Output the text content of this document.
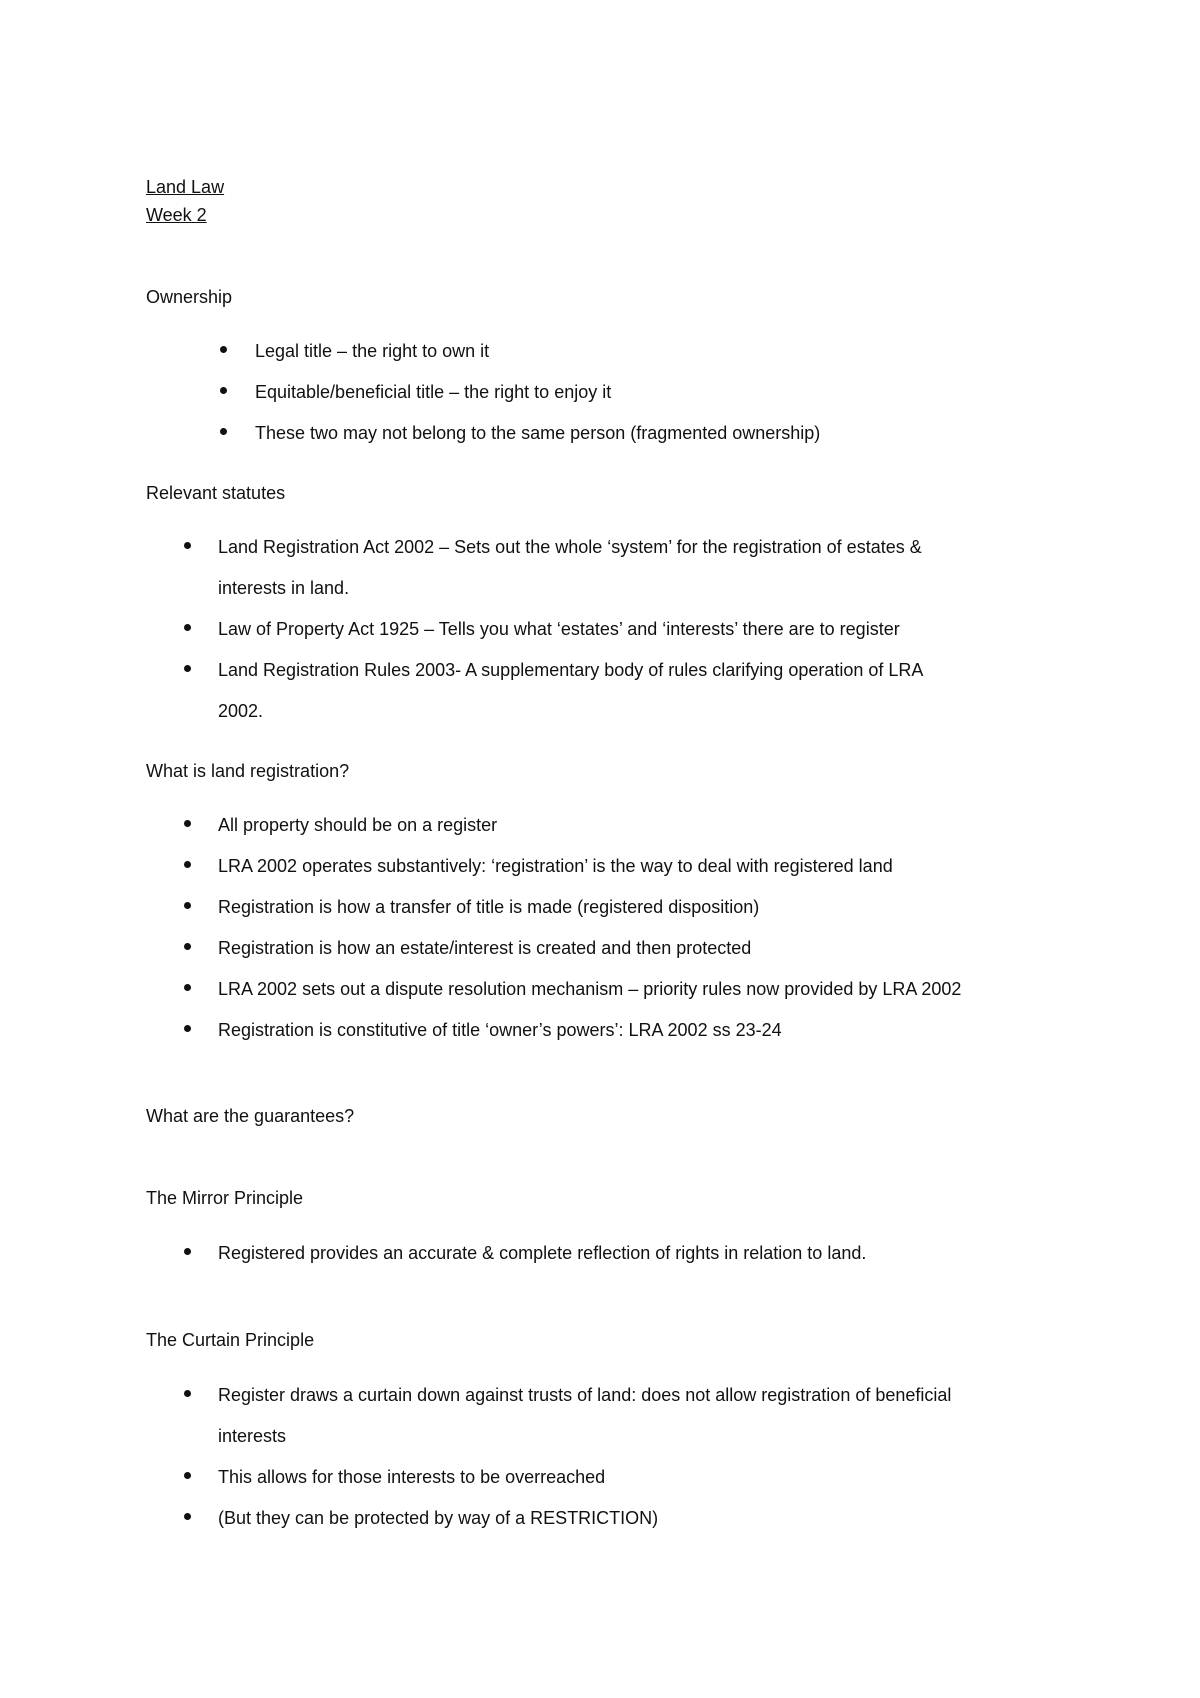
Land Law
Week 2
Ownership
Legal title – the right to own it
Equitable/beneficial title – the right to enjoy it
These two may not belong to the same person (fragmented ownership)
Relevant statutes
Land Registration Act 2002 – Sets out the whole ‘system’ for the registration of estates &
interests in land.
Law of Property Act 1925 – Tells you what ‘estates’ and ‘interests’ there are to register
Land Registration Rules 2003- A supplementary body of rules clarifying operation of LRA
2002.
What is land registration?
All property should be on a register
LRA 2002 operates substantively: ‘registration’ is the way to deal with registered land
Registration is how a transfer of title is made (registered disposition)
Registration is how an estate/interest is created and then protected
LRA 2002 sets out a dispute resolution mechanism – priority rules now provided by LRA 2002
Registration is constitutive of title ‘owner’s powers’: LRA 2002 ss 23-24
What are the guarantees?
The Mirror Principle
Registered provides an accurate & complete reflection of rights in relation to land.
The Curtain Principle
Register draws a curtain down against trusts of land: does not allow registration of beneficial
interests
This allows for those interests to be overreached
(But they can be protected by way of a RESTRICTION)
